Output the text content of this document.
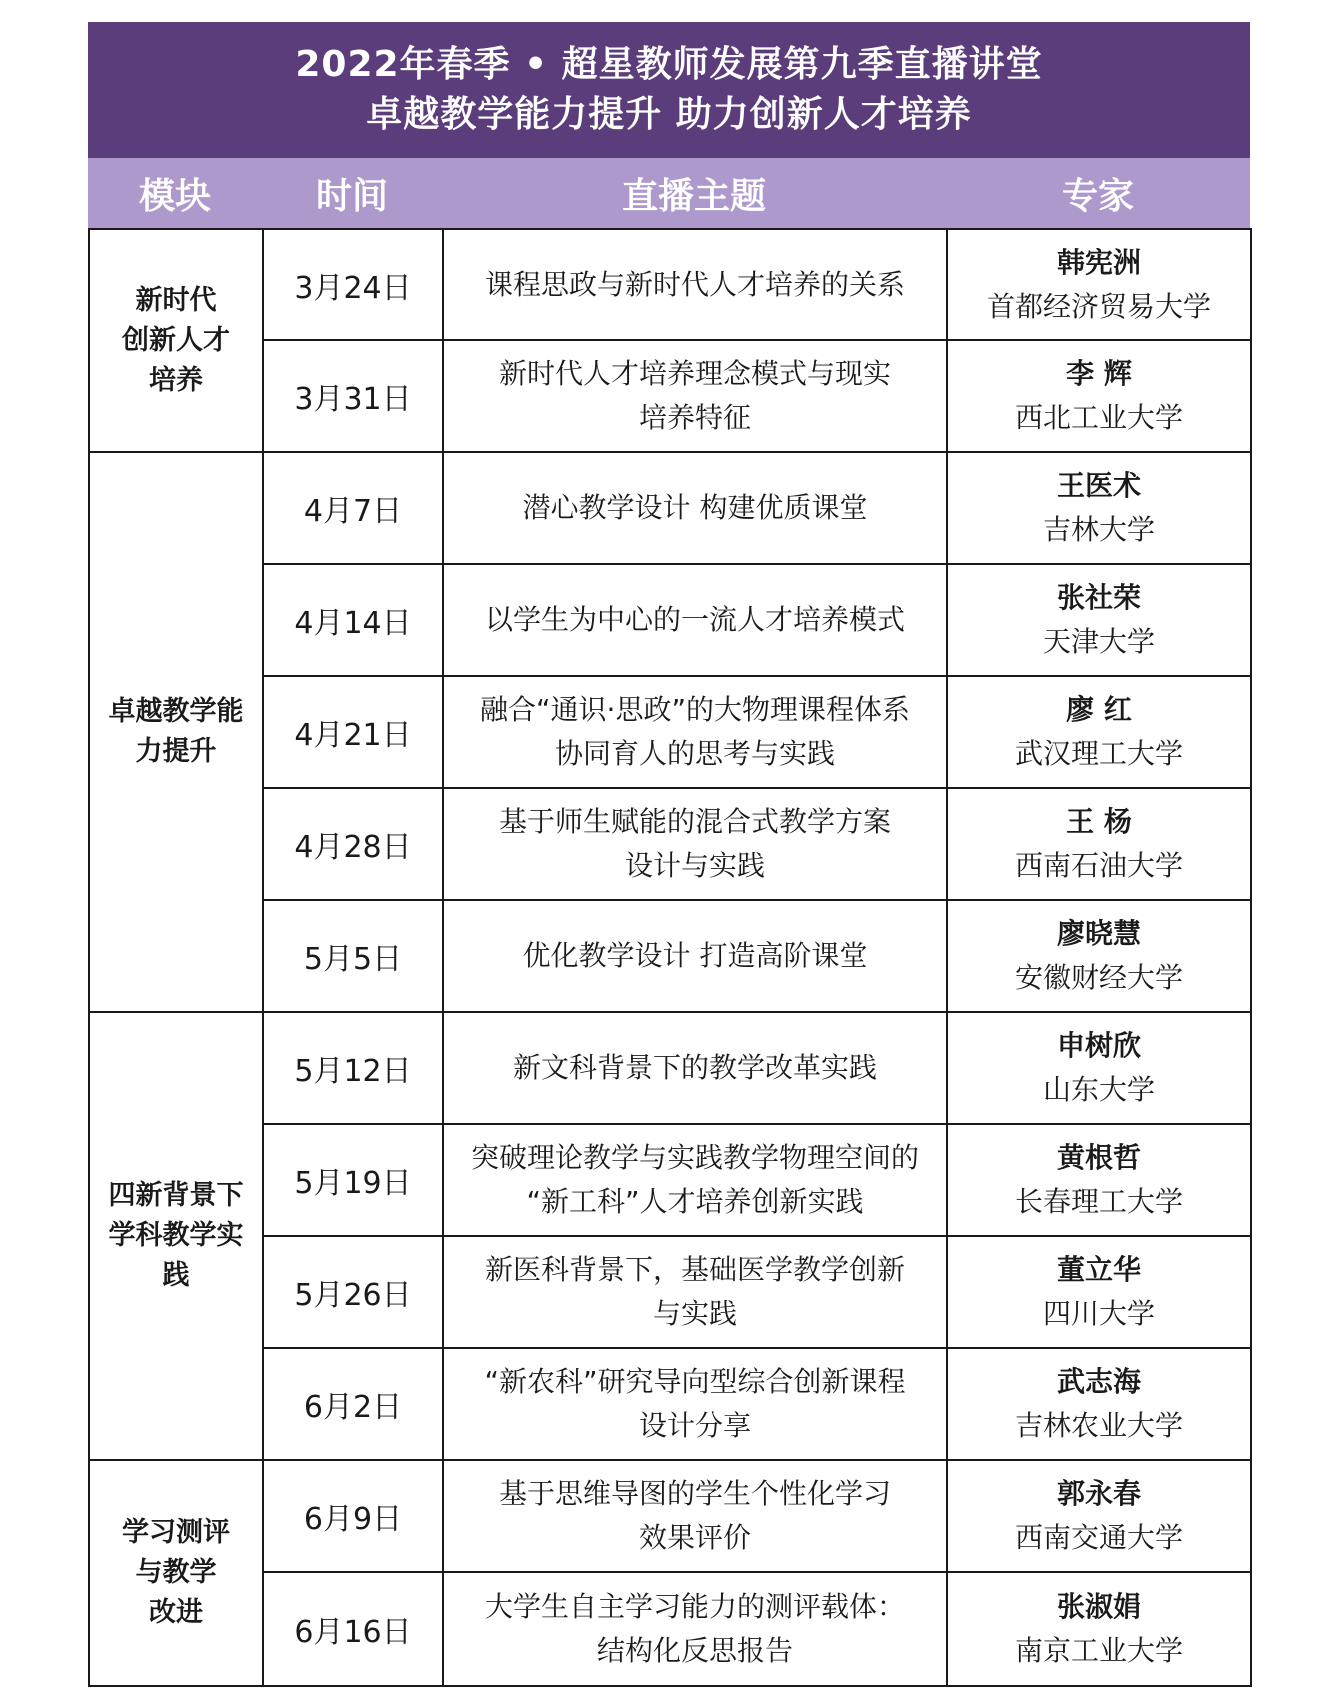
2022年春季 • 超星教师发展第九季直播讲堂
卓越教学能力提升 助力创新人才培养
模块	时间	直播主题	专家
新时代
创新人才
培养	3月24日	课程思政与新时代人才培养的关系	韩宪洲
首都经济贸易大学

	3月31日	新时代人才培养理念模式与现实
培养特征	李 辉
西北工业大学

卓越教学能
力提升	4月7日	潜心教学设计 构建优质课堂	王医术
吉林大学

	4月14日	以学生为中心的一流人才培养模式	张社荣
天津大学

	4月21日	融合“通识·思政”的大物理课程体系
协同育人的思考与实践	廖 红
武汉理工大学

	4月28日	基于师生赋能的混合式教学方案
设计与实践	王 杨
西南石油大学

	5月5日	优化教学设计 打造高阶课堂	廖晓慧
安徽财经大学

四新背景下
学科教学实
践	5月12日	新文科背景下的教学改革实践	申树欣
山东大学

	5月19日	突破理论教学与实践教学物理空间的
“新工科”人才培养创新实践	黄根哲
长春理工大学

	5月26日	新医科背景下，基础医学教学创新
与实践	董立华
四川大学

	6月2日	“新农科”研究导向型综合创新课程
设计分享	武志海
吉林农业大学

学习测评
与教学
改进	6月9日	基于思维导图的学生个性化学习
效果评价	郭永春
西南交通大学

	6月16日	大学生自主学习能力的测评载体：
结构化反思报告	张淑娟
南京工业大学
